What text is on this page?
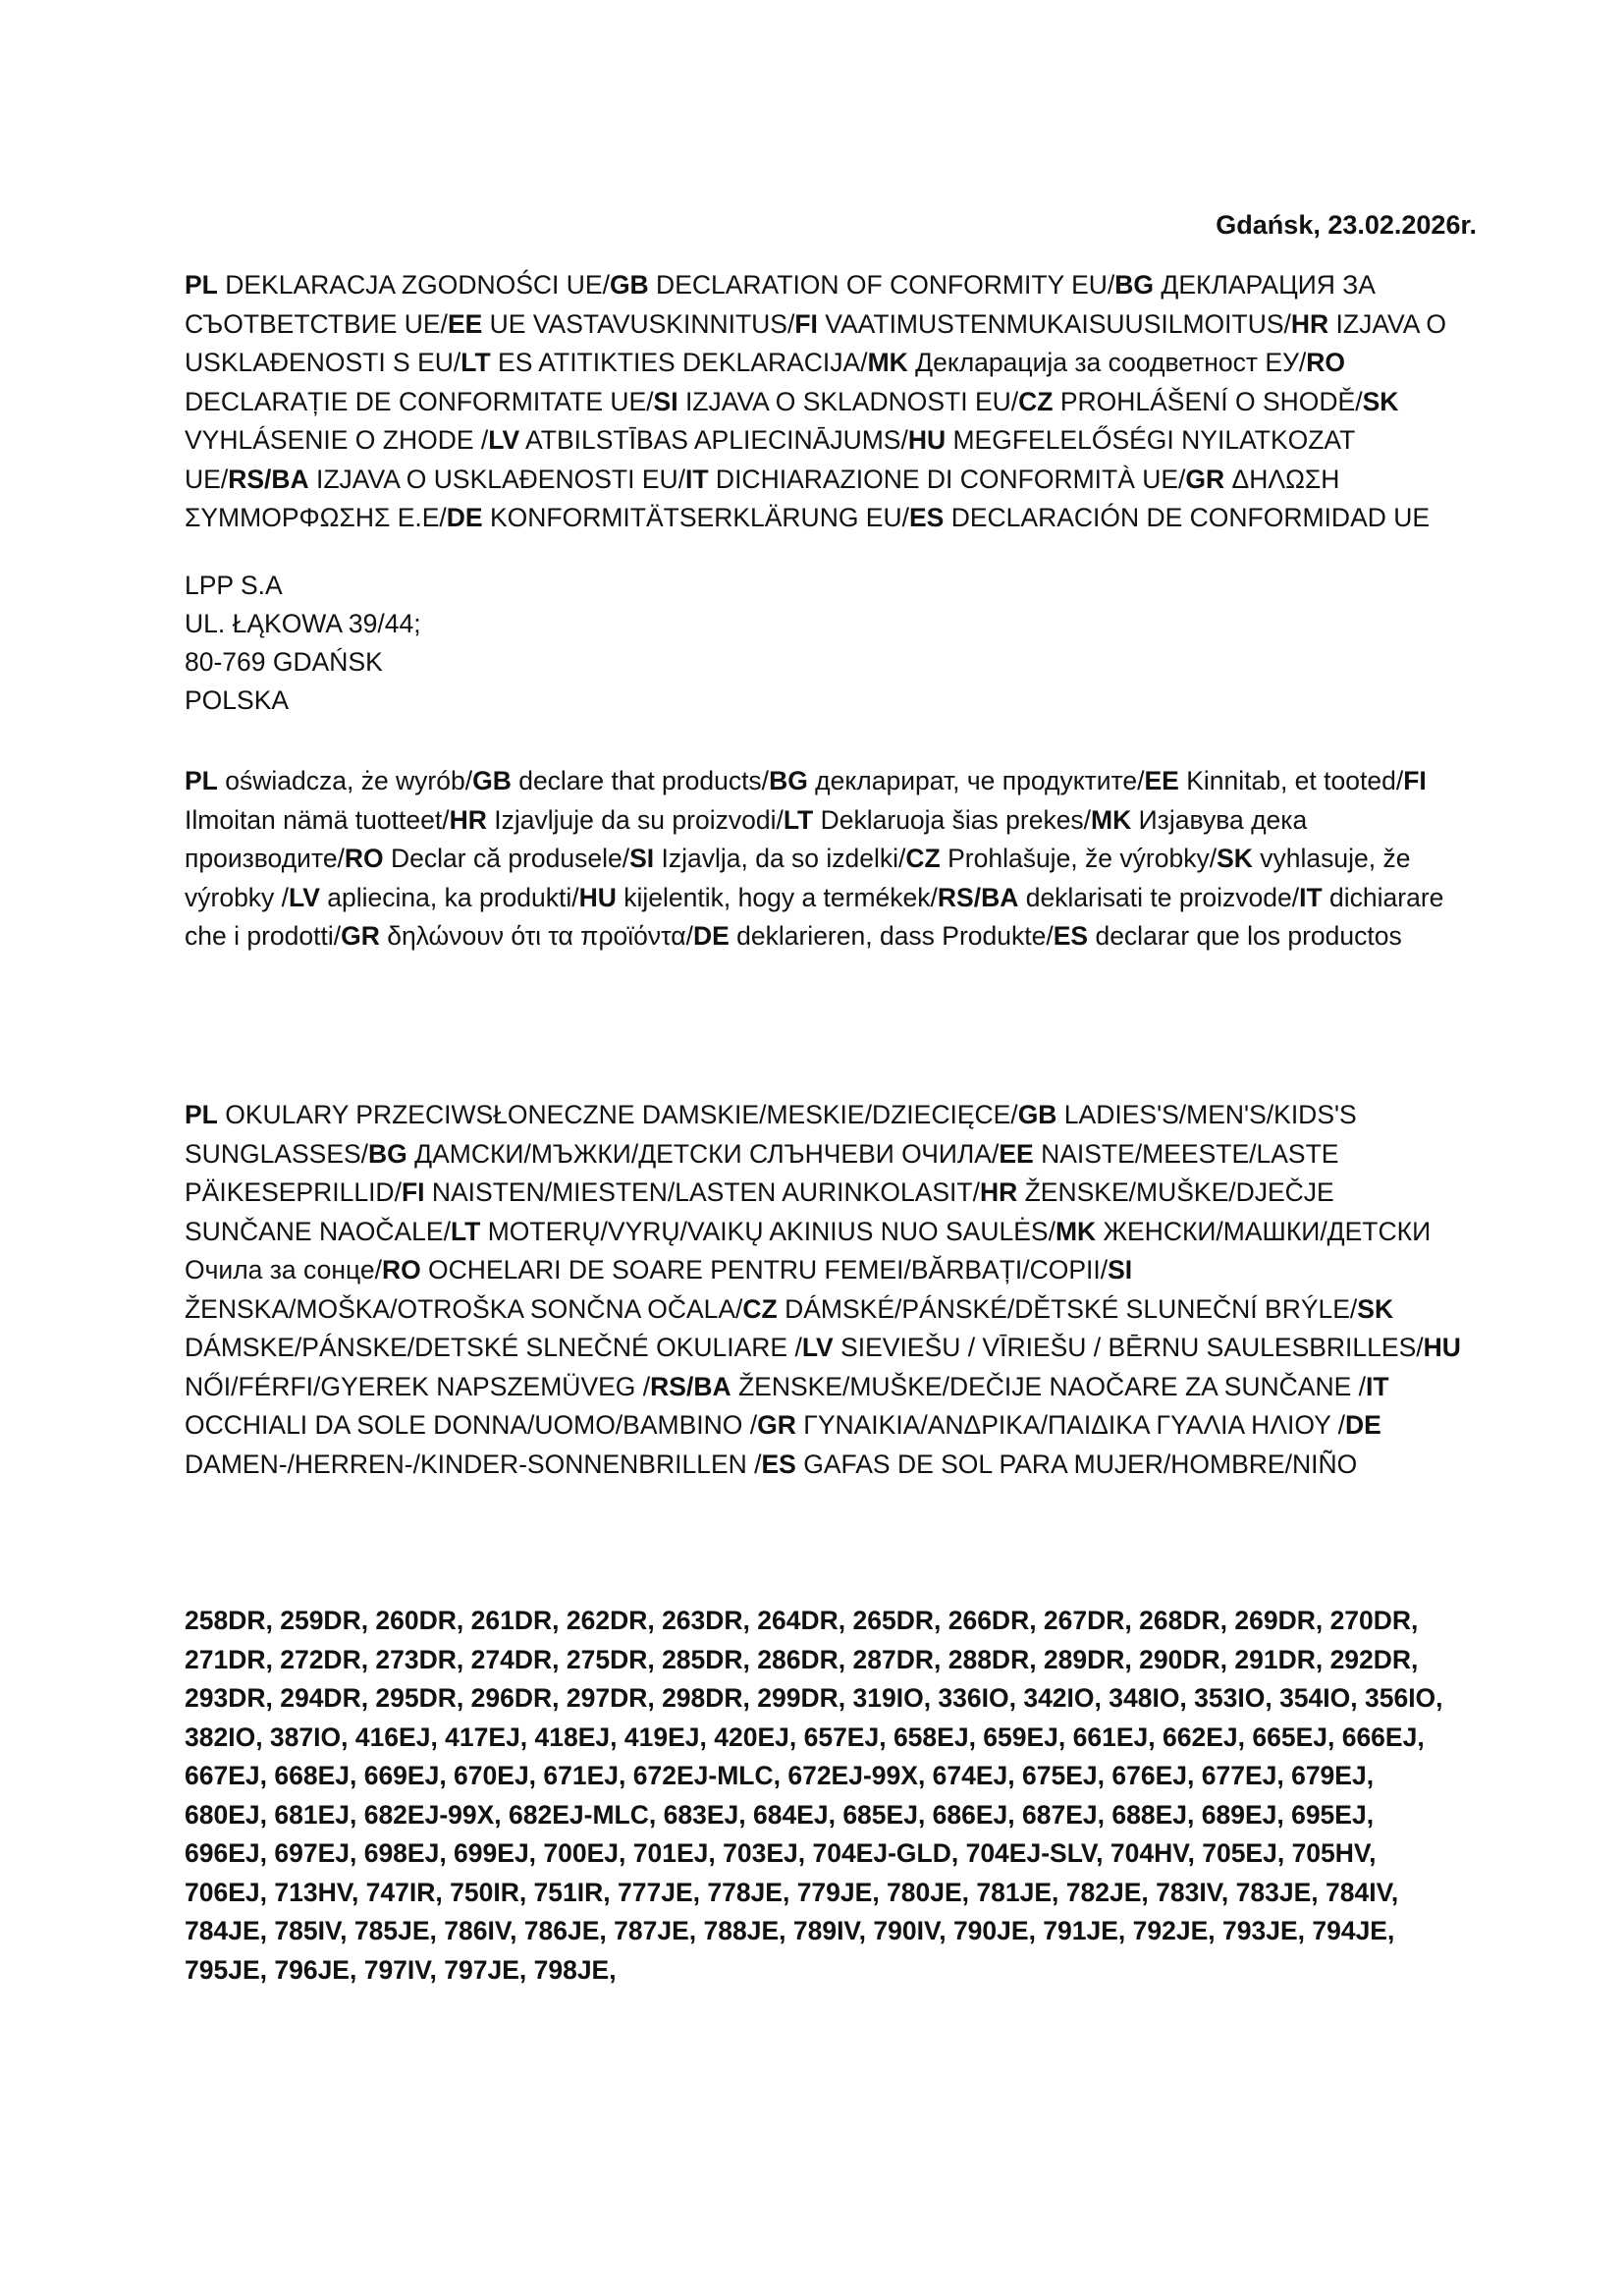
Gdańsk, 23.02.2026r.
PL DEKLARACJA ZGODNOŚCI UE/GB DECLARATION OF CONFORMITY EU/BG ДЕКЛАРАЦИЯ ЗА СЪОТВЕТСТВИЕ UE/EE UE VASTAVUSKINNITUS/FI VAATIMUSTENMUKAISUUSILMOITUS/HR IZJAVA O USKLAĐENOSTI S EU/LT ES ATITIKTIES DEKLARACIJA/MK Декларација за соодветност ЕУ/RO DECLARAȚIE DE CONFORMITATE UE/SI IZJAVA O SKLADNOSTI EU/CZ PROHLÁŠENÍ O SHODĚ/SK VYHLÁSENIE O ZHODE /LV ATBILSTĪBAS APLIECINĀJUMS/HU MEGFELELŐSÉGI NYILATKOZAT UE/RS/BA IZJAVA O USKLAĐENOSTI EU/IT DICHIARAZIONE DI CONFORMITÀ UE/GR ΔΗΛΩΣΗ ΣΥΜΜΟΡΦΩΣΗΣ E.E/DE KONFORMITÄTSERKLÄRUNG EU/ES DECLARACIÓN DE CONFORMIDAD UE
LPP S.A
UL. ŁĄKOWA 39/44;
80-769 GDAŃSK
POLSKA
PL oświadcza, że wyrób/GB declare that products/BG декларират, че продуктите/EE Kinnitab, et tooted/FI Ilmoitan nämä tuotteet/HR Izjavljuje da su proizvodi/LT Deklaruoja šias prekes/MK Изјавува дека производите/RO Declar că produsele/SI Izjavlja, da so izdelki/CZ Prohlašuje, že výrobky/SK vyhlasuje, že výrobky /LV apliecina, ka produkti/HU kijelentik, hogy a termékek/RS/BA deklarisati te proizvode/IT dichiarare che i prodotti/GR δηλώνουν ότι τα προϊόντα/DE deklarieren, dass Produkte/ES declarar que los productos
PL OKULARY PRZECIWSŁONECZNE DAMSKIE/MESKIE/DZIECIĘCE/GB LADIES'S/MEN'S/KIDS'S SUNGLASSES/BG ДАМСКИ/МЪЖКИ/ДЕТСКИ СЛЪНЧЕВИ ОЧИЛА/EE NAISTE/MEESTE/LASTE PÄIKESEPRILLID/FI NAISTEN/MIESTEN/LASTEN AURINKOLASIT/HR ŽENSKE/MUŠKE/DJEČJE SUNČANE NAOČALE/LT MOTERŲ/VYRŲ/VAIKŲ AKINIUS NUO SAULĖS/MK ЖЕНСКИ/МАШКИ/ДЕТСКИ Очила за сонце/RO OCHELARI DE SOARE PENTRU FEMEI/BĂRBAȚI/COPII/SI ŽENSKA/MOŠKA/OTROŠKA SONČNA OČALA/CZ DÁMSKÉ/PÁNSKÉ/DĚTSKÉ SLUNEČNÍ BRÝLE/SK DÁMSKE/PÁNSKE/DETSKÉ SLNEČNÉ OKULIARE /LV SIEVIEŠU / VĪRIEŠU / BĒRNU SAULESBRILLES/HU NŐI/FÉRFI/GYEREK NAPSZEMÜVEG /RS/BA ŽENSKE/MUŠKE/DEČIJE NAOČARE ZA SUNČANE /IT OCCHIALI DA SOLE DONNA/UOMO/BAMBINO /GR ΓΥΝΑΙΚΙΑ/ΑΝΔΡΙΚΑ/ΠΑΙΔΙΚΑ ΓΥΑΛΙΑ ΗΛΙΟΥ /DE DAMEN-/HERREN-/KINDER-SONNENBRILLEN /ES GAFAS DE SOL PARA MUJER/HOMBRE/NIÑO
258DR, 259DR, 260DR, 261DR, 262DR, 263DR, 264DR, 265DR, 266DR, 267DR, 268DR, 269DR, 270DR, 271DR, 272DR, 273DR, 274DR, 275DR, 285DR, 286DR, 287DR, 288DR, 289DR, 290DR, 291DR, 292DR, 293DR, 294DR, 295DR, 296DR, 297DR, 298DR, 299DR, 319IO, 336IO, 342IO, 348IO, 353IO, 354IO, 356IO, 382IO, 387IO, 416EJ, 417EJ, 418EJ, 419EJ, 420EJ, 657EJ, 658EJ, 659EJ, 661EJ, 662EJ, 665EJ, 666EJ, 667EJ, 668EJ, 669EJ, 670EJ, 671EJ, 672EJ-MLC, 672EJ-99X, 674EJ, 675EJ, 676EJ, 677EJ, 679EJ, 680EJ, 681EJ, 682EJ-99X, 682EJ-MLC, 683EJ, 684EJ, 685EJ, 686EJ, 687EJ, 688EJ, 689EJ, 695EJ, 696EJ, 697EJ, 698EJ, 699EJ, 700EJ, 701EJ, 703EJ, 704EJ-GLD, 704EJ-SLV, 704HV, 705EJ, 705HV, 706EJ, 713HV, 747IR, 750IR, 751IR, 777JE, 778JE, 779JE, 780JE, 781JE, 782JE, 783IV, 783JE, 784IV, 784JE, 785IV, 785JE, 786IV, 786JE, 787JE, 788JE, 789IV, 790IV, 790JE, 791JE, 792JE, 793JE, 794JE, 795JE, 796JE, 797IV, 797JE, 798JE,
